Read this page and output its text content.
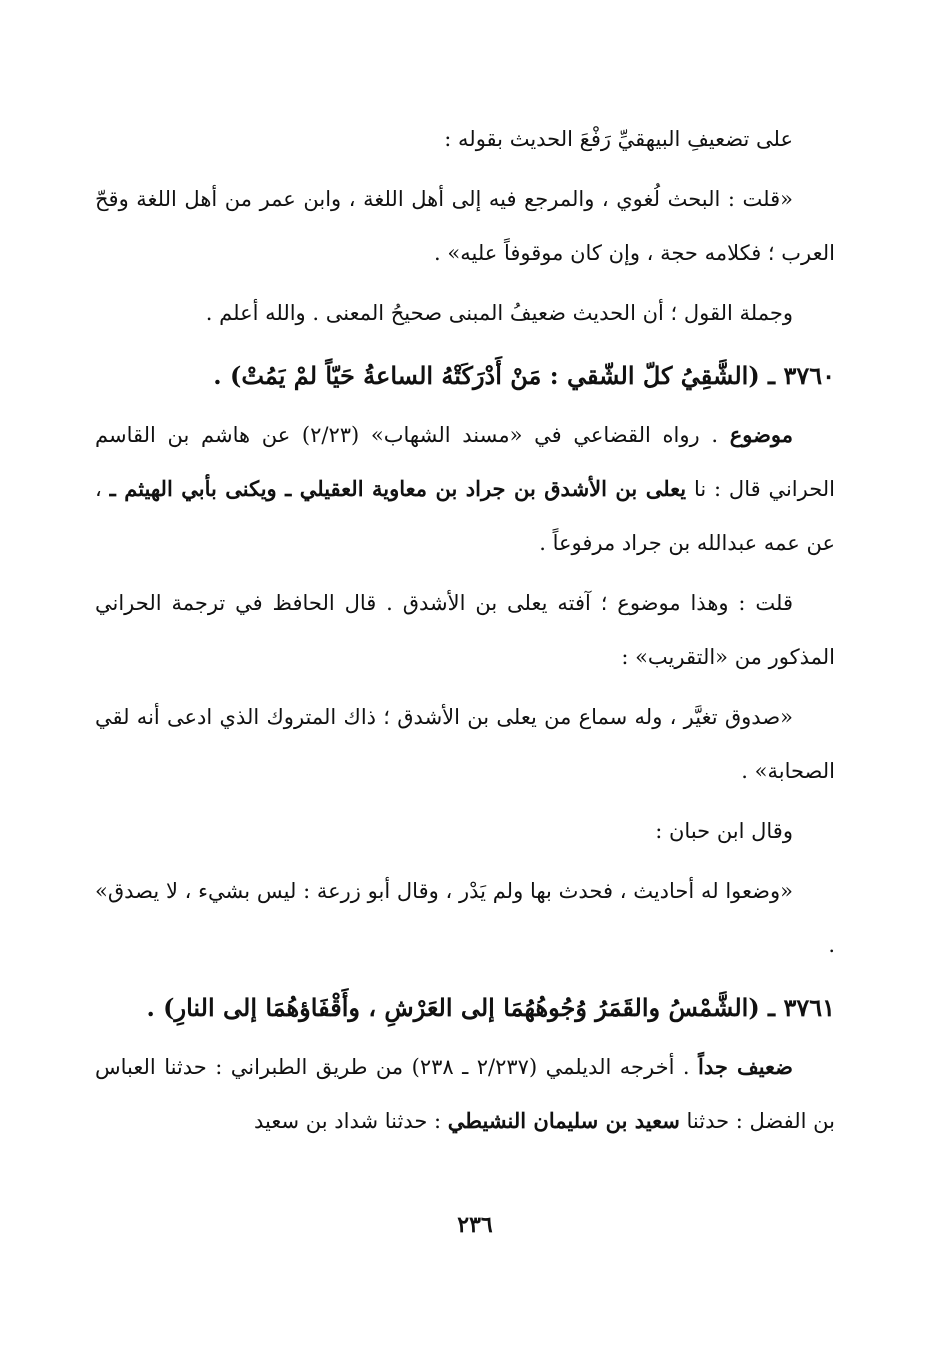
على تضعيفِ البيهقيِّ رَفْعَ الحديث بقوله :

«قلت : البحث لُغوي ، والمرجع فيه إلى أهل اللغة ، وابن عمر من أهل اللغة وقحّ العرب ؛ فكلامه حجة ، وإن كان موقوفاً عليه» .

وجملة القول ؛ أن الحديث ضعيفُ المبنى صحيحُ المعنى . والله أعلم .

٣٧٦٠ ـ (الشَّقِيُ كلّ الشّقي : مَنْ أَدْرَكَتْهُ الساعةُ حَيّاً لمْ يَمُتْ) .

موضوع . رواه القضاعي في «مسند الشهاب» (٢/٢٣) عن هاشم بن القاسم الحراني قال : نا يعلى بن الأشدق بن جراد بن معاوية العقيلي ـ ويكنى بأبي الهيثم ـ ، عن عمه عبدالله بن جراد مرفوعاً .

قلت : وهذا موضوع ؛ آفته يعلى بن الأشدق . قال الحافظ في ترجمة الحراني المذكور من «التقريب» :

«صدوق تغيَّر ، وله سماع من يعلى بن الأشدق ؛ ذاك المتروك الذي ادعى أنه لقي الصحابة» .

وقال ابن حبان :

«وضعوا له أحاديث ، فحدث بها ولم يَدْر ، وقال أبو زرعة : ليس بشيء ، لا يصدق» .

٣٧٦١ ـ (الشَّمْسُ والقَمَرُ وُجُوهُهُمَا إلى العَرْشِ ، وأَقْفَاؤهُمَا إلى النارِ) .

ضعيف جداً . أخرجه الديلمي (٢/٢٣٧ ـ ٢٣٨) من طريق الطبراني : حدثنا العباس بن الفضل : حدثنا سعيد بن سليمان النشيطي : حدثنا شداد بن سعيد

٢٣٦
